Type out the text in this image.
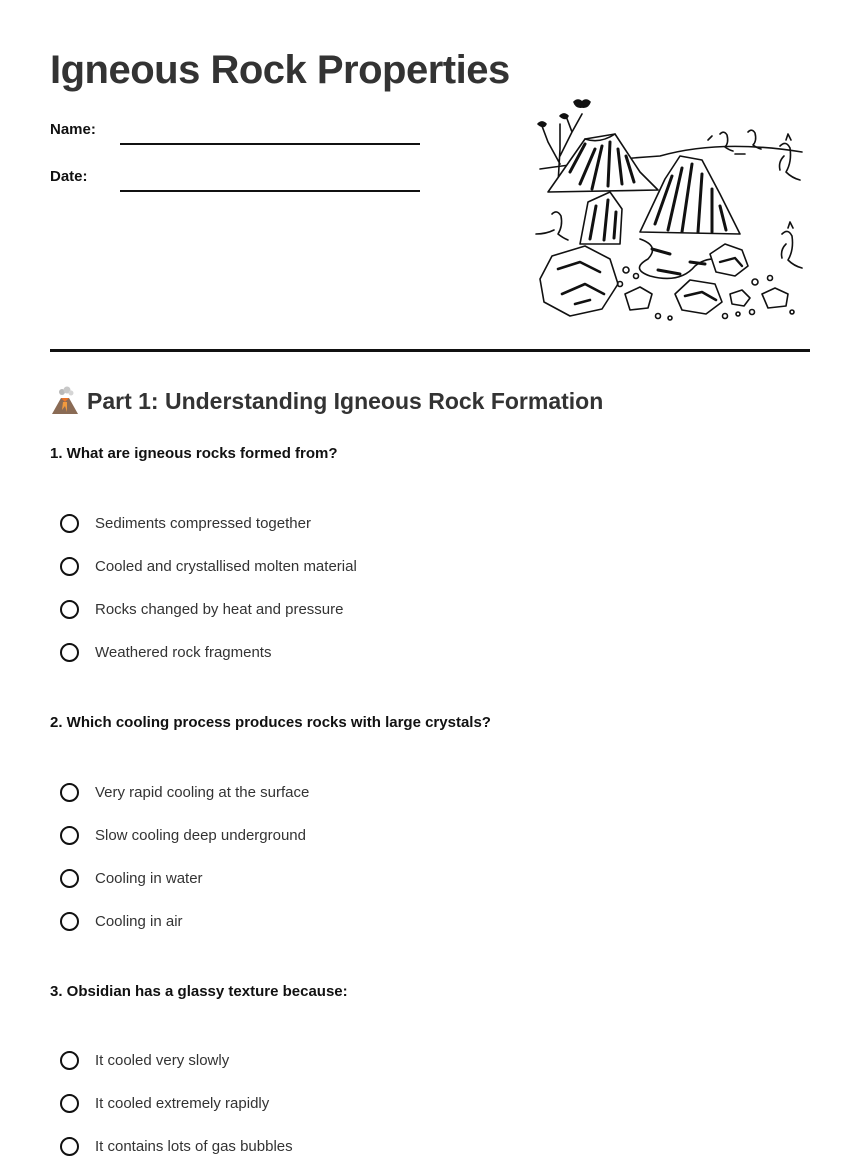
Igneous Rock Properties
Name:
Date:
Part 1: Understanding Igneous Rock Formation

1. What are igneous rocks formed from?

Sediments compressed together
Cooled and crystallised molten material
Rocks changed by heat and pressure
Weathered rock fragments

2. Which cooling process produces rocks with large crystals?

Very rapid cooling at the surface
Slow cooling deep underground
Cooling in water
Cooling in air

3. Obsidian has a glassy texture because:

It cooled very slowly
It cooled extremely rapidly
It contains lots of gas bubbles
